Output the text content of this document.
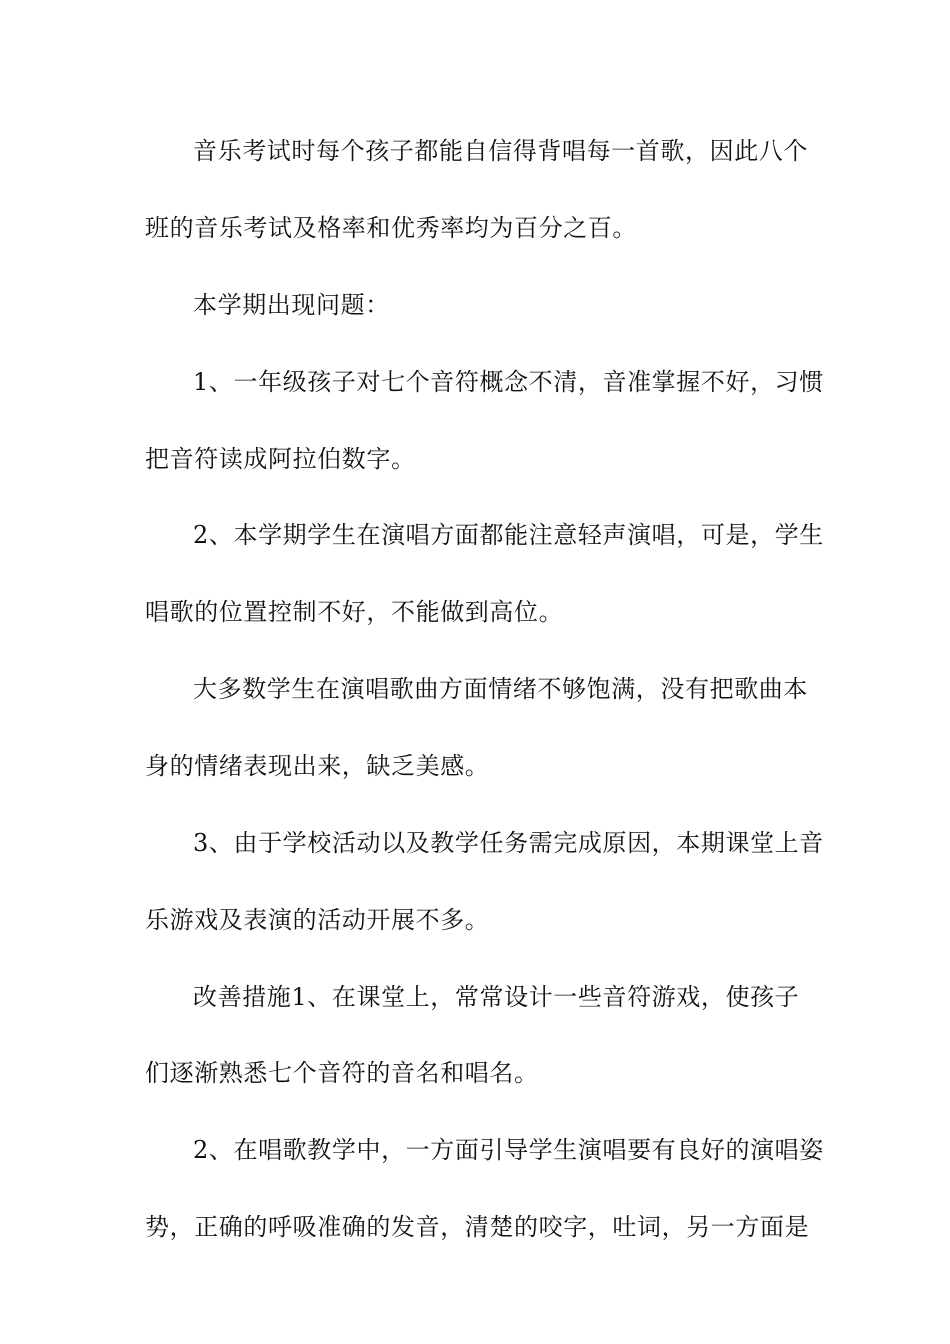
音乐考试时每个孩子都能自信得背唱每一首歌，因此八个
班的音乐考试及格率和优秀率均为百分之百。
本学期出现问题：
1、一年级孩子对七个音符概念不清，音准掌握不好，习惯
把音符读成阿拉伯数字。
2、本学期学生在演唱方面都能注意轻声演唱，可是，学生
唱歌的位置控制不好，不能做到高位。
大多数学生在演唱歌曲方面情绪不够饱满，没有把歌曲本
身的情绪表现出来，缺乏美感。
3、由于学校活动以及教学任务需完成原因，本期课堂上音
乐游戏及表演的活动开展不多。
改善措施1、在课堂上，常常设计一些音符游戏，使孩子
们逐渐熟悉七个音符的音名和唱名。
2、在唱歌教学中，一方面引导学生演唱要有良好的演唱姿
势，正确的呼吸准确的发音，清楚的咬字，吐词，另一方面是
